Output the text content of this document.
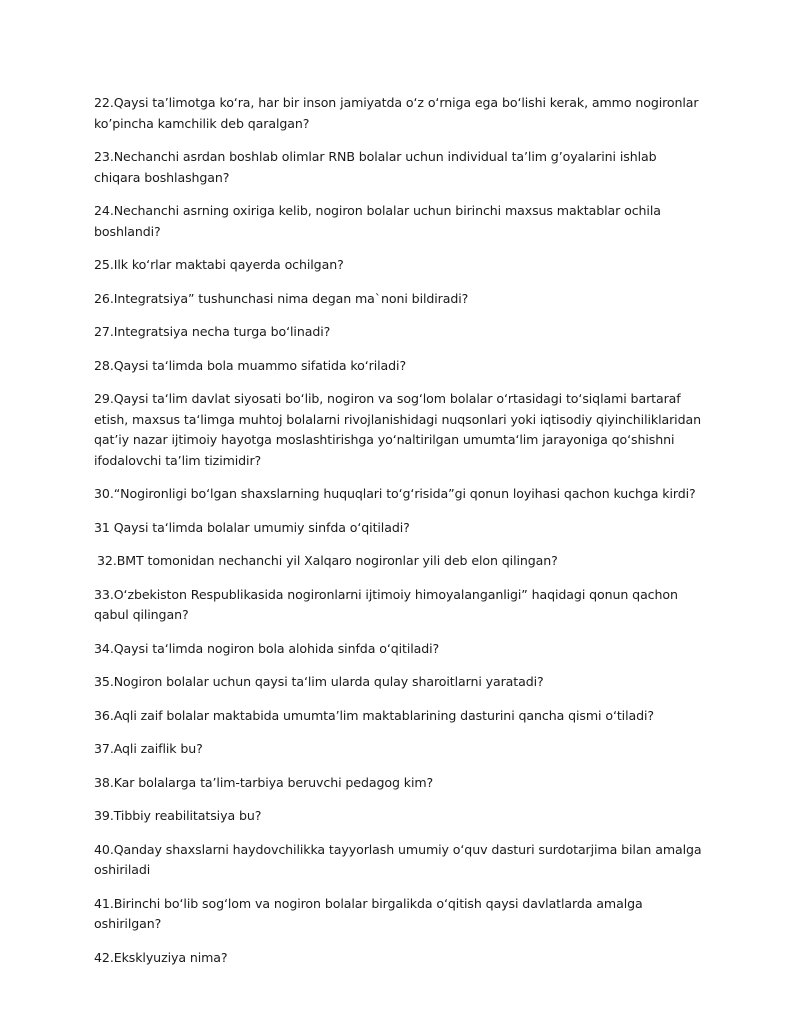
22.Qaysi ta’limotga ko‘ra, har bir inson jamiyatda o‘z o‘rniga ega bo‘lishi kerak, ammo nogironlar ko’pincha kamchilik deb qaralgan?

23.Nechanchi asrdan boshlab olimlar RNB bolalar uchun individual ta’lim g’oyalarini ishlab chiqara boshlashgan?

24.Nechanchi asrning oxiriga kelib, nogiron bolalar uchun birinchi maxsus maktablar ochila boshlandi?

25.Ilk ko‘rlar maktabi qayerda ochilgan?

26.Integratsiya” tushunchasi nima degan ma`noni bildiradi?

27.Integratsiya necha turga bo‘linadi?

28.Qaysi ta‘limda bola muammo sifatida ko‘riladi?

29.Qaysi ta‘lim davlat siyosati bo‘lib, nogiron va sog‘lom bolalar o‘rtasidagi to‘siqlami bartaraf etish, maxsus ta‘limga muhtoj bolalarni rivojlanishidagi nuqsonlari yoki iqtisodiy qiyinchiliklaridan qat’iy nazar ijtimoiy hayotga moslashtirishga yo‘naltirilgan umumta‘lim jarayoniga qo‘shishni ifodalovchi ta’lim tizimidir?

30.“Nogironligi bo‘lgan shaxslarning huquqlari to‘g‘risida”gi qonun loyihasi qachon kuchga kirdi?

31 Qaysi ta‘limda bolalar umumiy sinfda o‘qitiladi?

32.BMT tomonidan nechanchi yil Xalqaro nogironlar yili deb elon qilingan?

33.O‘zbekiston Respublikasida nogironlarni ijtimoiy himoyalanganligi” haqidagi qonun qachon qabul qilingan?

34.Qaysi ta‘limda nogiron bola alohida sinfda o‘qitiladi?

35.Nogiron bolalar uchun qaysi ta‘lim ularda qulay sharoitlarni yaratadi?

36.Aqli zaif bolalar maktabida umumta’lim maktablarining dasturini qancha qismi o‘tiladi?

37.Aqli zaiflik bu?

38.Kar bolalarga ta’lim-tarbiya beruvchi pedagog kim?

39.Tibbiy reabilitatsiya bu?

40.Qanday shaxslarni haydovchilikka tayyorlash umumiy o‘quv dasturi surdotarjima bilan amalga oshiriladi

41.Birinchi bo‘lib sog‘lom va nogiron bolalar birgalikda o‘qitish qaysi davlatlarda amalga oshirilgan?

42.Eksklyuziya nima?
